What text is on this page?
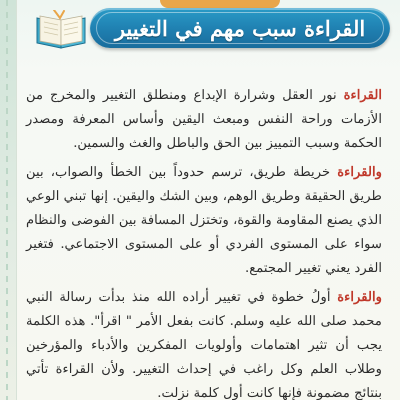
القراءة سبب مهم في التغيير

القراءة نور العقل وشرارة الإبداع ومنطلق التغيير والمخرج من الأزمات وراحة النفس ومبعث اليقين وأساس المعرفة ومصدر الحكمة وسبب التمييز بين الحق والباطل والغث والسمين.

والقراءة خريطة طريق، ترسم حدوداً بين الخطأ والصواب، بين طريق الحقيقة وطريق الوهم، وبين الشك واليقين. إنها تبني الوعي الذي يصنع المقاومة والقوة، وتختزل المسافة بين الفوضى والنظام سواء على المستوى الفردي أو على المستوى الاجتماعي. فتغير الفرد يعني تغيير المجتمع.

والقراءة أولُ خطوة في تغيير أراده الله منذ بدأت رسالة النبي محمد صلى الله عليه وسلم. كانت بفعل الأمر " اقرأ". هذه الكلمة يجب أن تثير اهتمامات وأولويات المفكرين والأدباء والمؤرخين وطلاب العلم وكل راغب في إحداث التغيير. ولأن القراءة تأتي بنتائج مضمونة فإنها كانت أول كلمة نزلت.
